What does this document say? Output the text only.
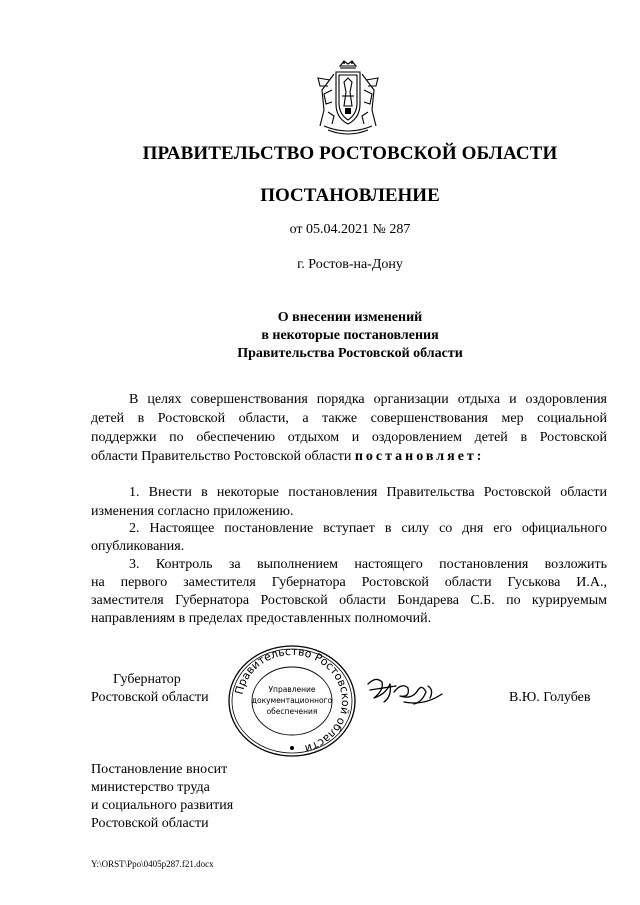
ПРАВИТЕЛЬСТВО РОСТОВСКОЙ ОБЛАСТИ
ПОСТАНОВЛЕНИЕ
от 05.04.2021 № 287
г. Ростов-на-Дону
О внесении изменений
в некоторые постановления
Правительства Ростовской области
В целях совершенствования порядка организации отдыха и оздоровления
детей в Ростовской области, а также совершенствования мер социальной
поддержки по обеспечению отдыхом и оздоровлением детей в Ростовской
области Правительство Ростовской области постановляет:
1. Внести в некоторые постановления Правительства Ростовской области
изменения согласно приложению.
2. Настоящее постановление вступает в силу со дня его официального
опубликования.
3. Контроль за выполнением настоящего постановления возложить
на первого заместителя Губернатора Ростовской области Гуськова И.А.,
заместителя Губернатора Ростовской области Бондарева С.Б. по курируемым
направлениям в пределах предоставленных полномочий.
Губернатор
Ростовской области	В.Ю. Голубев
Правительство Ростовской области
Управление
документационного
обеспечения
Постановление вносит
министерство труда
и социального развития
Ростовской области
Y:\ORST\Ppo\0405p287.f21.docx
